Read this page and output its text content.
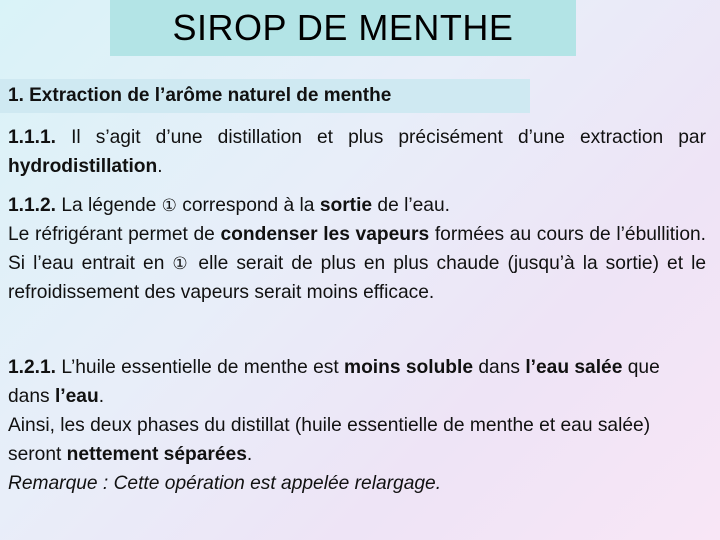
SIROP DE MENTHE
1. Extraction de l’arôme naturel de menthe

1.1.1. Il s’agit d’une distillation et plus précisément d’une extraction par hydrodistillation.

1.1.2. La légende ① correspond à la sortie de l’eau.
Le réfrigérant permet de condenser les vapeurs formées au cours de l’ébullition. Si l’eau entrait en ① elle serait de plus en plus chaude (jusqu’à la sortie) et le refroidissement des vapeurs serait moins efficace.

1.2.1. L’huile essentielle de menthe est moins soluble dans l’eau salée que dans l’eau.
Ainsi, les deux phases du distillat (huile essentielle de menthe et eau salée) seront nettement séparées.
Remarque : Cette opération est appelée relargage.
